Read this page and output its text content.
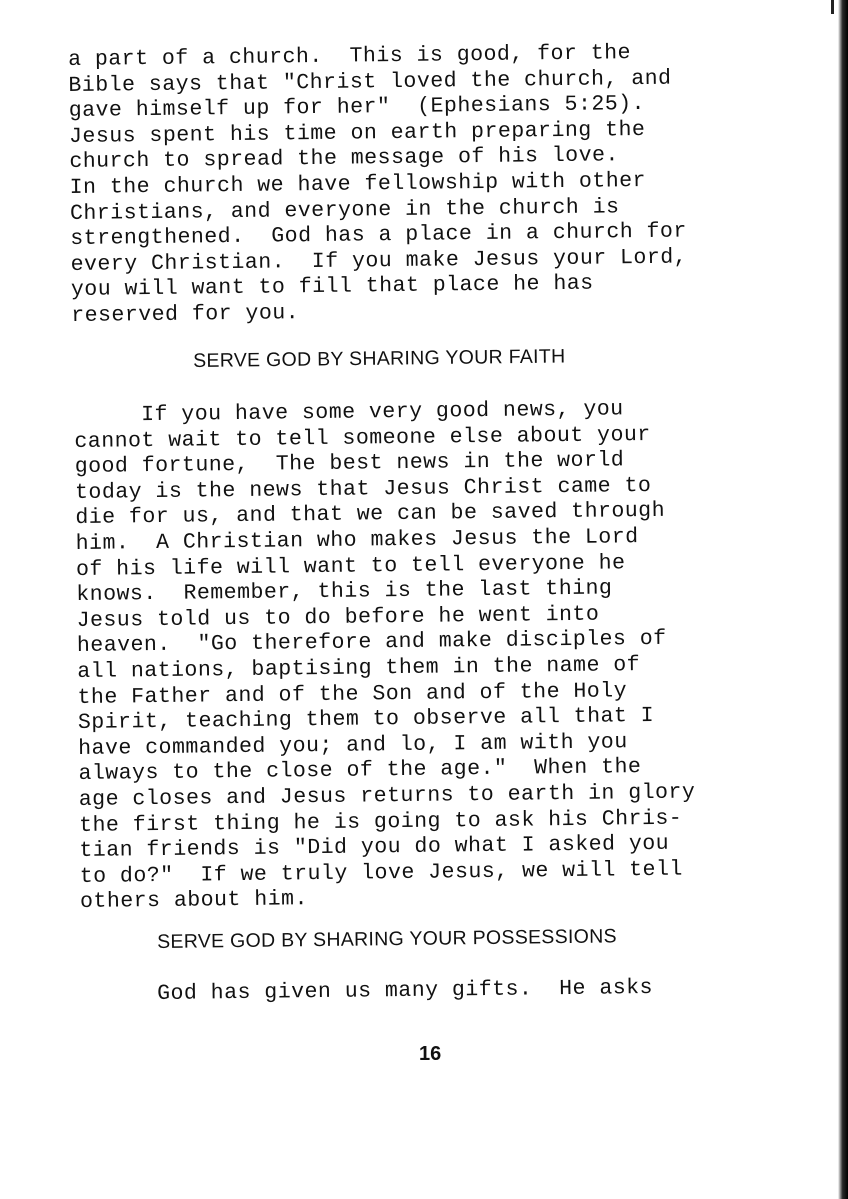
a part of a church.  This is good, for the
Bible says that "Christ loved the church, and
gave himself up for her"  (Ephesians 5:25).
Jesus spent his time on earth preparing the
church to spread the message of his love.
In the church we have fellowship with other
Christians, and everyone in the church is
strengthened.  God has a place in a church for
every Christian.  If you make Jesus your Lord,
you will want to fill that place he has
reserved for you.

SERVE GOD BY SHARING YOUR FAITH

If you have some very good news, you
cannot wait to tell someone else about your
good fortune,  The best news in the world
today is the news that Jesus Christ came to
die for us, and that we can be saved through
him.  A Christian who makes Jesus the Lord
of his life will want to tell everyone he
knows.  Remember, this is the last thing
Jesus told us to do before he went into
heaven.  "Go therefore and make disciples of
all nations, baptising them in the name of
the Father and of the Son and of the Holy
Spirit, teaching them to observe all that I
have commanded you; and lo, I am with you
always to the close of the age."  When the
age closes and Jesus returns to earth in glory
the first thing he is going to ask his Chris-
tian friends is "Did you do what I asked you
to do?"  If we truly love Jesus, we will tell
others about him.

SERVE GOD BY SHARING YOUR POSSESSIONS

God has given us many gifts.  He asks

16
